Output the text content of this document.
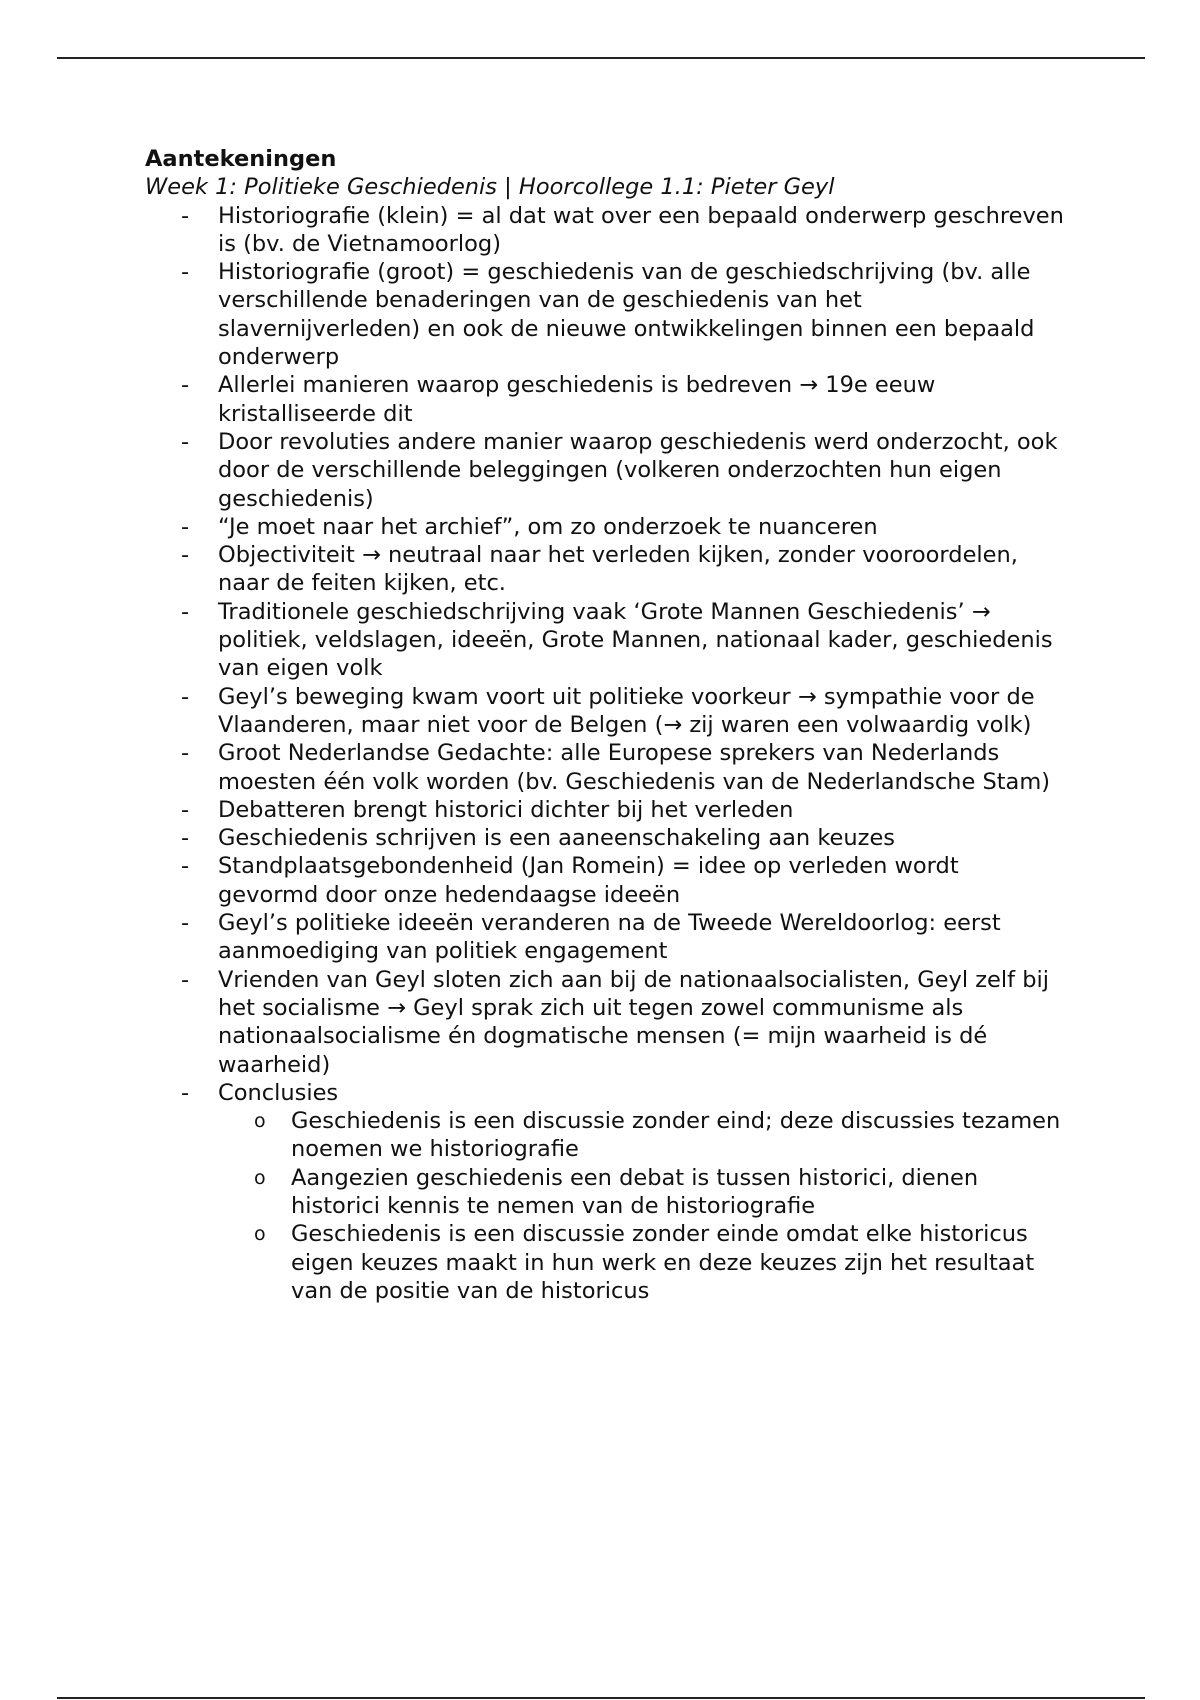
Aantekeningen

Week 1: Politieke Geschiedenis | Hoorcollege 1.1: Pieter Geyl

- Historiografie (klein) = al dat wat over een bepaald onderwerp geschreven is (bv. de Vietnamoorlog)
- Historiografie (groot) = geschiedenis van de geschiedschrijving (bv. alle verschillende benaderingen van de geschiedenis van het slavernijverleden) en ook de nieuwe ontwikkelingen binnen een bepaald onderwerp
- Allerlei manieren waarop geschiedenis is bedreven → 19e eeuw kristalliseerde dit
- Door revoluties andere manier waarop geschiedenis werd onderzocht, ook door de verschillende beleggingen (volkeren onderzochten hun eigen geschiedenis)
- “Je moet naar het archief”, om zo onderzoek te nuanceren
- Objectiviteit → neutraal naar het verleden kijken, zonder vooroordelen, naar de feiten kijken, etc.
- Traditionele geschiedschrijving vaak ‘Grote Mannen Geschiedenis’ → politiek, veldslagen, ideeën, Grote Mannen, nationaal kader, geschiedenis van eigen volk
- Geyl’s beweging kwam voort uit politieke voorkeur → sympathie voor de Vlaanderen, maar niet voor de Belgen (→ zij waren een volwaardig volk)
- Groot Nederlandse Gedachte: alle Europese sprekers van Nederlands moesten één volk worden (bv. Geschiedenis van de Nederlandsche Stam)
- Debatteren brengt historici dichter bij het verleden
- Geschiedenis schrijven is een aaneenschakeling aan keuzes
- Standplaatsgebondenheid (Jan Romein) = idee op verleden wordt gevormd door onze hedendaagse ideeën
- Geyl’s politieke ideeën veranderen na de Tweede Wereldoorlog: eerst aanmoediging van politiek engagement
- Vrienden van Geyl sloten zich aan bij de nationaalsocialisten, Geyl zelf bij het socialisme → Geyl sprak zich uit tegen zowel communisme als nationaalsocialisme én dogmatische mensen (= mijn waarheid is dé waarheid)
- Conclusies
o Geschiedenis is een discussie zonder eind; deze discussies tezamen noemen we historiografie
o Aangezien geschiedenis een debat is tussen historici, dienen historici kennis te nemen van de historiografie
o Geschiedenis is een discussie zonder einde omdat elke historicus eigen keuzes maakt in hun werk en deze keuzes zijn het resultaat van de positie van de historicus
